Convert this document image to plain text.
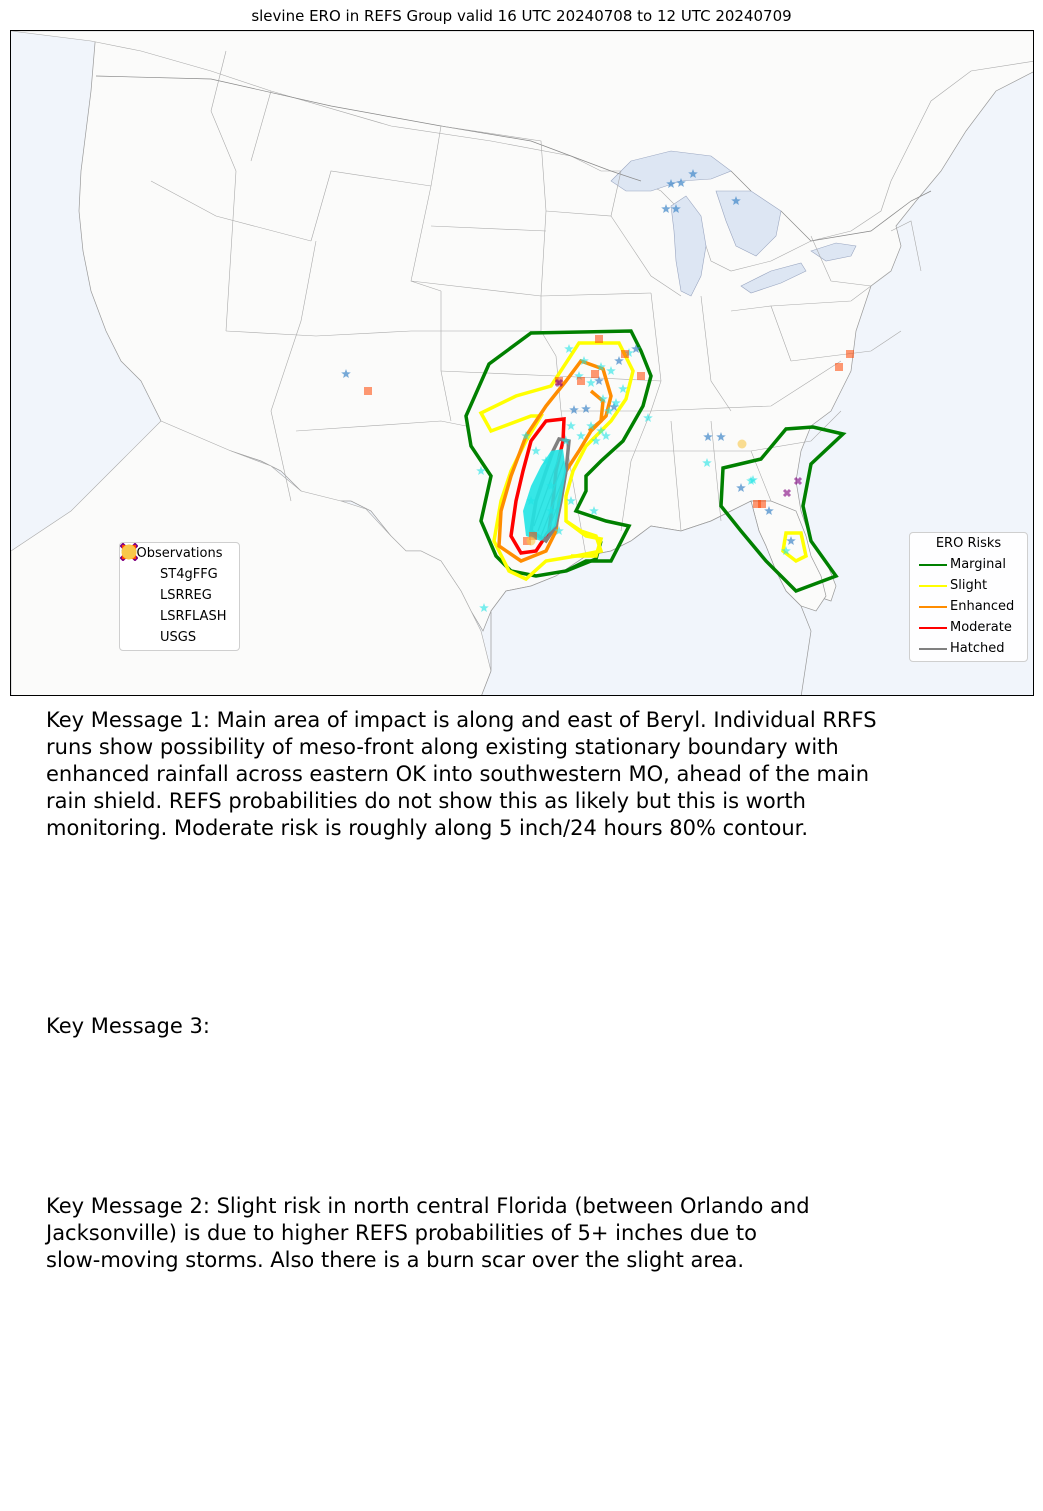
slevine ERO in REFS Group valid 16 UTC 20240708 to 12 UTC 20240709
Observations
ST4gFFG
LSRREG
LSRFLASH
USGS
ERO Risks
Marginal
Slight
Enhanced
Moderate
Hatched
Key Message 1: Main area of impact is along and east of Beryl. Individual RRFS
runs show possibility of meso-front along existing stationary boundary with
enhanced rainfall across eastern OK into southwestern MO, ahead of the main
rain shield. REFS probabilities do not show this as likely but this is worth
monitoring. Moderate risk is roughly along 5 inch/24 hours 80% contour.
Key Message 3:
Key Message 2: Slight risk in north central Florida (between Orlando and
Jacksonville) is due to higher REFS probabilities of 5+ inches due to
slow-moving storms. Also there is a burn scar over the slight area.
